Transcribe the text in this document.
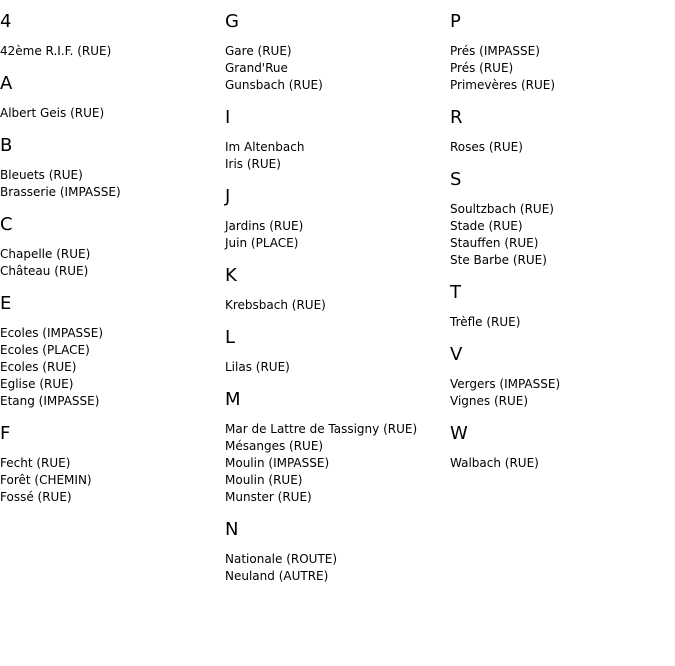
4
42ème R.I.F. (RUE)
A
Albert Geis (RUE)
B
Bleuets (RUE)
Brasserie (IMPASSE)
C
Chapelle (RUE)
Château (RUE)
E
Ecoles (IMPASSE)
Ecoles (PLACE)
Ecoles (RUE)
Eglise (RUE)
Etang (IMPASSE)
F
Fecht (RUE)
Forêt (CHEMIN)
Fossé (RUE)
G
Gare (RUE)
Grand'Rue
Gunsbach (RUE)
I
Im Altenbach
Iris (RUE)
J
Jardins (RUE)
Juin (PLACE)
K
Krebsbach (RUE)
L
Lilas (RUE)
M
Mar de Lattre de Tassigny (RUE)
Mésanges (RUE)
Moulin (IMPASSE)
Moulin (RUE)
Munster (RUE)
N
Nationale (ROUTE)
Neuland (AUTRE)
P
Prés (IMPASSE)
Prés (RUE)
Primevères (RUE)
R
Roses (RUE)
S
Soultzbach (RUE)
Stade (RUE)
Stauffen (RUE)
Ste Barbe (RUE)
T
Trèfle (RUE)
V
Vergers (IMPASSE)
Vignes (RUE)
W
Walbach (RUE)
